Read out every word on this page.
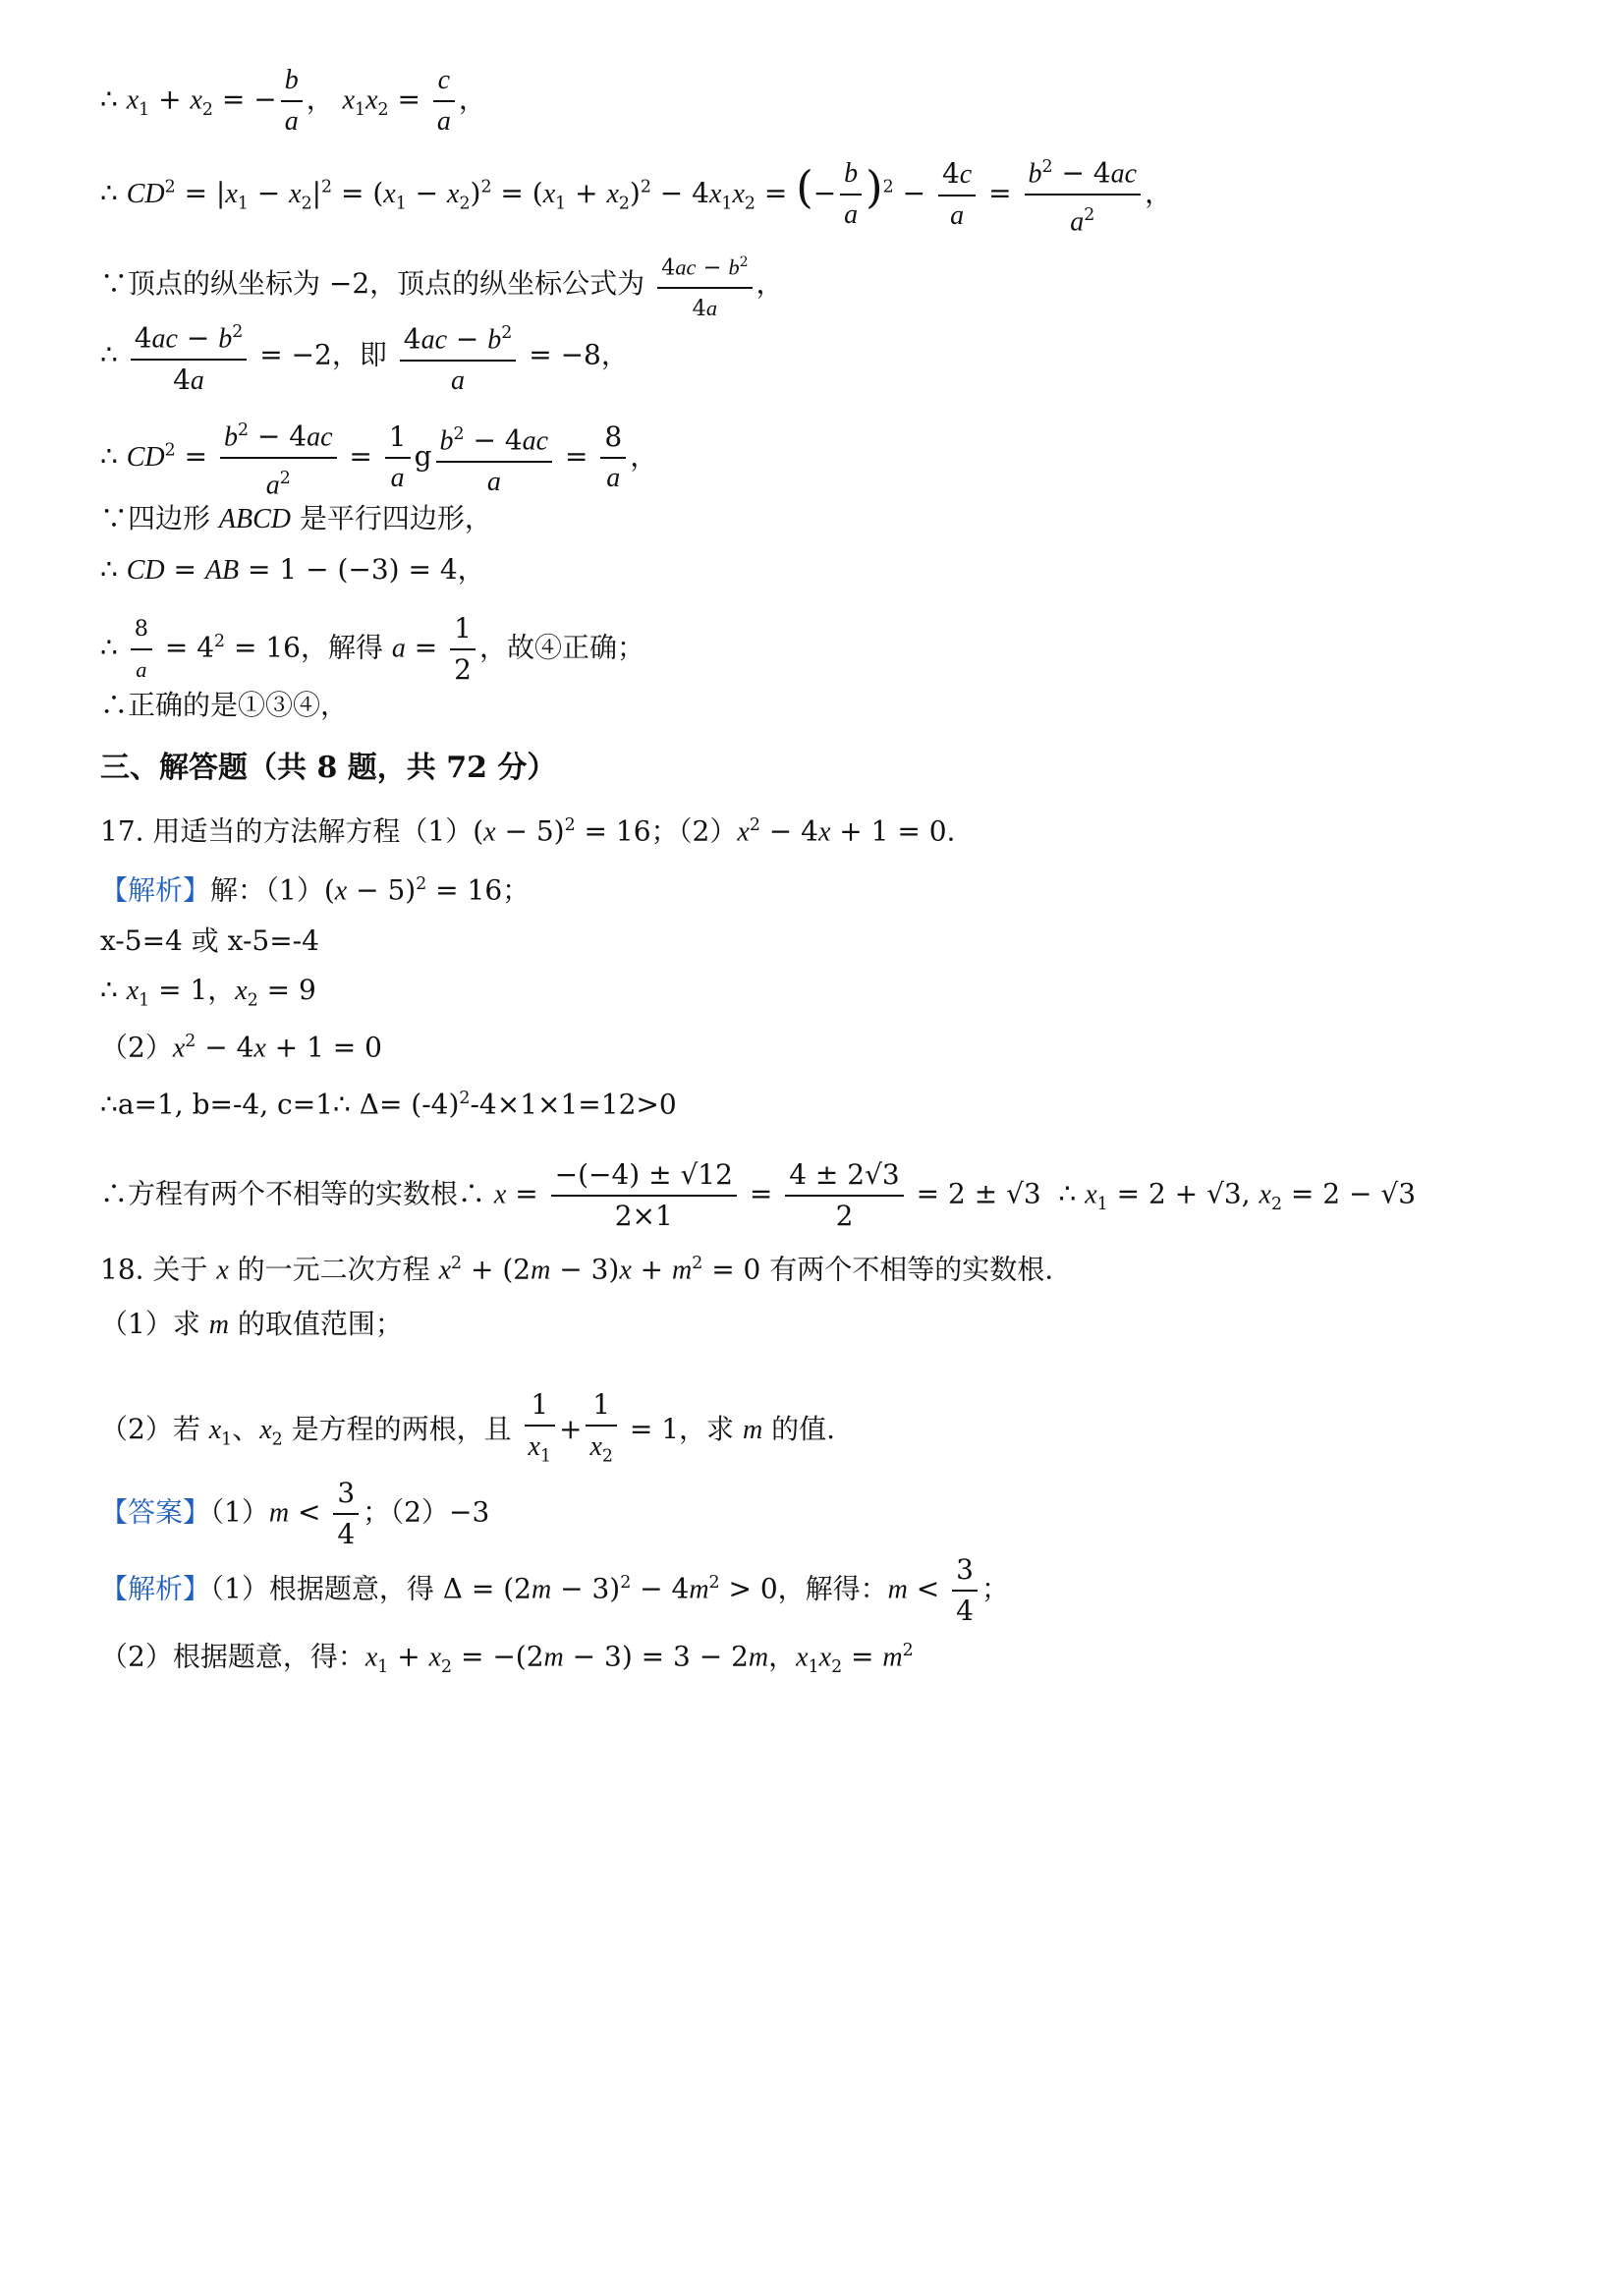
∴ $x_1 + x_2$ = − $\frac{b}{a}$ ， $x_1x_2 = \frac{c}{a}$ ，
∴ $CD^2 = |x_1 - x_2|^2 = (x_1 - x_2)^2 = (x_1 + x_2)^2 - 4x_1x_2$ = (− $\frac{b}{a} )^2 - \frac{4c}{a} = \frac{b^2 - 4ac}{a^2}$ ，
∵顶点的纵坐标为 −2，顶点的纵坐标公式为 $\frac{4ac - b^2}{4a}$ ，
∴ $\frac{4ac - b^2}{4a} = -2$，即 $\frac{4ac - b^2}{a} = -8$，
∴ $CD^2 = \frac{b^2 - 4ac}{a^2} = \frac{1}{a}$ g $\frac{b^2 - 4ac}{a} = \frac{8}{a}$ ，
∵四边形 ABCD 是平行四边形，
∴ CD = AB = 1 − (−3) = 4，
∴ $\frac{8}{a} = 4^2 = 16$，解得 $a = \frac{1}{2}$ ，故④正确；
∴正确的是①③④，
三、解答题（共 8 题，共 72 分）
17. 用适当的方法解方程$(1)(x - 5)^2 = 16$；$(2)x^2 - 4x + 1 = 0$.
【解析】解：$(1)(x - 5)^2 = 16$；
x-5=4 或 x-5=-4
∴ $x_1 = 1$，$x_2 = 9$
$(2)x^2 - 4x + 1 = 0$
∴a=1, b=-4, c=1∴ $\Delta= (-4)^2-4\times 1\times 1=12>0$
∴方程有两个不相等的实数根∴ $x = \frac{-(-4) \pm √12}{2\times 1} = \frac{4 \pm 2√3}{2} = 2 \pm √3$  ∴ $x_1 = 2 + √3$, $x_2 = 2 - √3$
18. 关于 x 的一元二次方程 $x^2 + (2m - 3)x + m^2 = 0$ 有两个不相等的实数根.
（1）求 m 的取值范围；
（2）若 $x_1$、$x_2$ 是方程的两根，且 $\frac{1}{x_1} + \frac{1}{x_2} = 1$，求 m 的值.
【答案】$(1)m < \frac{3}{4}$ ；（2）−3
【解析】（1）根据题意，得 $\Delta = (2m - 3)^2 - 4m^2 > 0$，解得：$m < \frac{3}{4}$ ；
（2）根据题意，得：$x_1 + x_2 = -(2m - 3) = 3 - 2m$，$x_1x_2 = m^2$
